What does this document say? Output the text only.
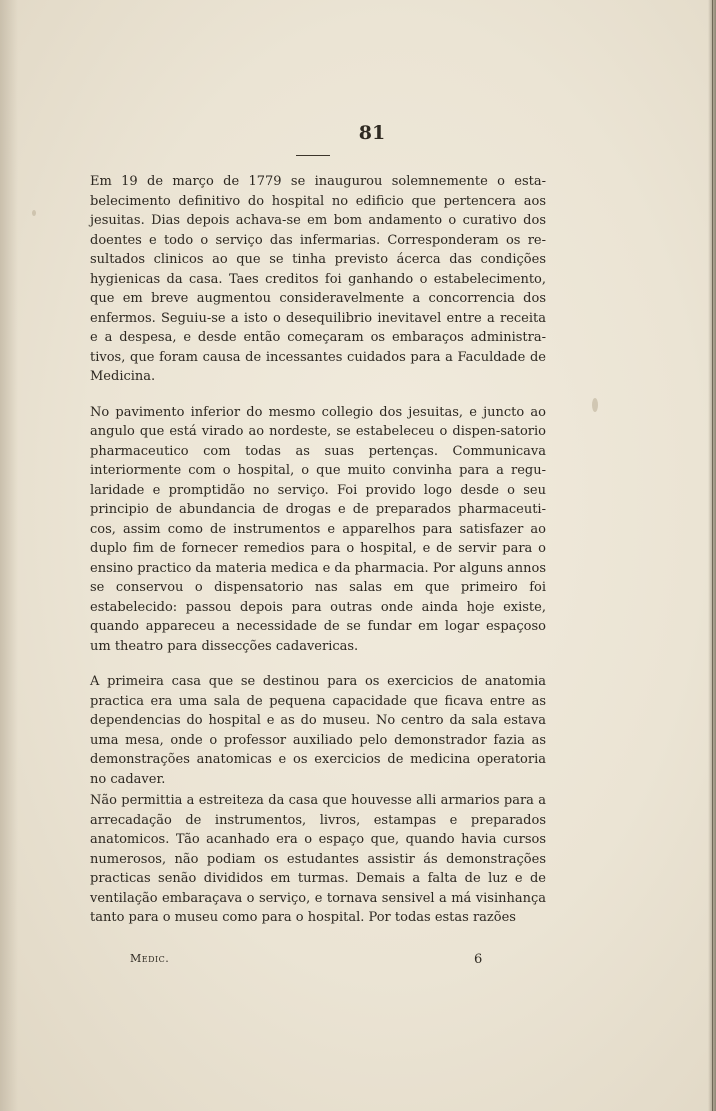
81

Em 19 de março de 1779 se inaugurou solemnemente o esta-belecimento definitivo do hospital no edificio que pertencera aos jesuitas. Dias depois achava-se em bom andamento o curativo dos doentes e todo o serviço das infermarias. Corresponderam os re-sultados clinicos ao que se tinha previsto ácerca das condições hygienicas da casa. Taes creditos foi ganhando o estabelecimento, que em breve augmentou consideravelmente a concorrencia dos enfermos. Seguiu-se a isto o desequilibrio inevitavel entre a receita e a despesa, e desde então começaram os embaraços administra-tivos, que foram causa de incessantes cuidados para a Faculdade de Medicina.

No pavimento inferior do mesmo collegio dos jesuitas, e juncto ao angulo que está virado ao nordeste, se estabeleceu o dispen-satorio pharmaceutico com todas as suas pertenças. Communicava interiormente com o hospital, o que muito convinha para a regu-laridade e promptidão no serviço. Foi provido logo desde o seu principio de abundancia de drogas e de preparados pharmaceuti-cos, assim como de instrumentos e apparelhos para satisfazer ao duplo fim de fornecer remedios para o hospital, e de servir para o ensino practico da materia medica e da pharmacia. Por alguns annos se conservou o dispensatorio nas salas em que primeiro foi estabelecido: passou depois para outras onde ainda hoje existe, quando appareceu a necessidade de se fundar em logar espaçoso um theatro para dissecções cadavericas.

A primeira casa que se destinou para os exercicios de anatomia practica era uma sala de pequena capacidade que ficava entre as dependencias do hospital e as do museu. No centro da sala estava uma mesa, onde o professor auxiliado pelo demonstrador fazia as demonstrações anatomicas e os exercicios de medicina operatoria no cadaver.

Não permittia a estreiteza da casa que houvesse alli armarios para a arrecadação de instrumentos, livros, estampas e preparados anatomicos. Tão acanhado era o espaço que, quando havia cursos numerosos, não podiam os estudantes assistir ás demonstrações practicas senão divididos em turmas. Demais a falta de luz e de ventilação embaraçava o serviço, e tornava sensivel a má visinhança tanto para o museu como para o hospital. Por todas estas razões

Medic.	6
